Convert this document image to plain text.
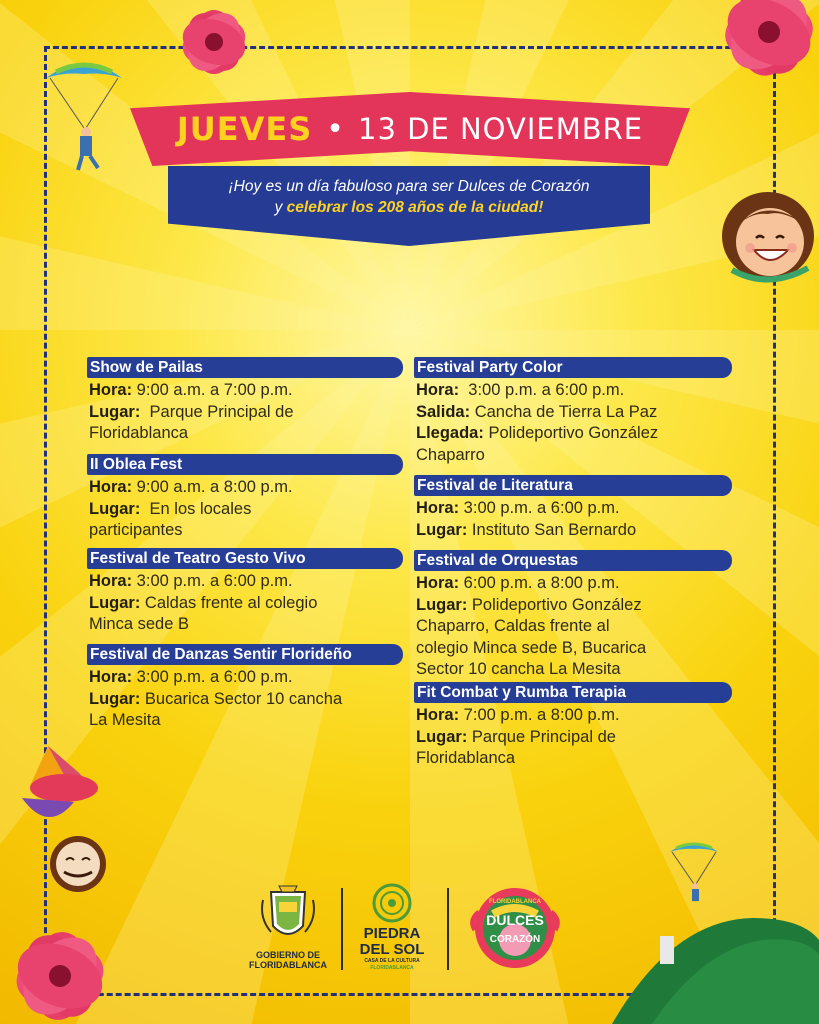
JUEVES • 13 DE NOVIEMBRE
¡Hoy es un día fabuloso para ser Dulces de Corazón
y celebrar los 208 años de la ciudad!
Show de Pailas
Hora: 9:00 a.m. a 7:00 p.m.
Lugar:  Parque Principal de
Floridablanca
II Oblea Fest
Hora: 9:00 a.m. a 8:00 p.m.
Lugar:  En los locales
participantes
Festival de Teatro Gesto Vivo
Hora: 3:00 p.m. a 6:00 p.m.
Lugar: Caldas frente al colegio
Minca sede B
Festival de Danzas Sentir Florideño
Hora: 3:00 p.m. a 6:00 p.m.
Lugar: Bucarica Sector 10 cancha
La Mesita
Festival Party Color
Hora:  3:00 p.m. a 6:00 p.m.
Salida: Cancha de Tierra La Paz
Llegada: Polideportivo González
Chaparro
Festival de Literatura
Hora: 3:00 p.m. a 6:00 p.m.
Lugar: Instituto San Bernardo
Festival de Orquestas
Hora: 6:00 p.m. a 8:00 p.m.
Lugar: Polideportivo González
Chaparro, Caldas frente al
colegio Minca sede B, Bucarica
Sector 10 cancha La Mesita
Fit Combat y Rumba Terapia
Hora: 7:00 p.m. a 8:00 p.m.
Lugar: Parque Principal de
Floridablanca
GOBIERNO DE
FLORIDABLANCA
PIEDRA
DEL SOL
CASA DE LA CULTURA
FLORIDABLANCA
FLORIDABLANCA
DULCES
CORAZÓN
